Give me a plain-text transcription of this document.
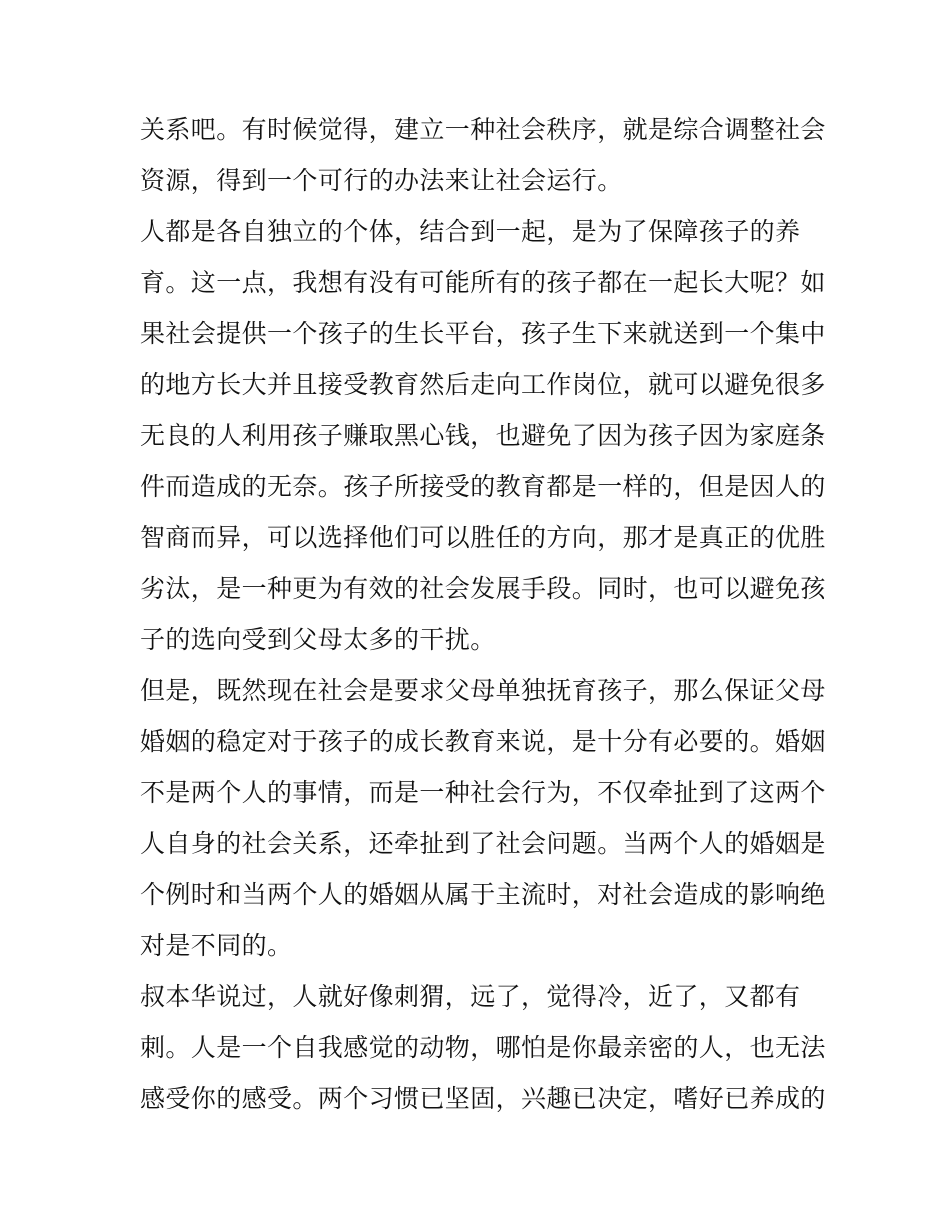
关系吧。有时候觉得，建立一种社会秩序，就是综合调整社会
资源，得到一个可行的办法来让社会运行。
人都是各自独立的个体，结合到一起，是为了保障孩子的养
育。这一点，我想有没有可能所有的孩子都在一起长大呢？如
果社会提供一个孩子的生长平台，孩子生下来就送到一个集中
的地方长大并且接受教育然后走向工作岗位，就可以避免很多
无良的人利用孩子赚取黑心钱，也避免了因为孩子因为家庭条
件而造成的无奈。孩子所接受的教育都是一样的，但是因人的
智商而异，可以选择他们可以胜任的方向，那才是真正的优胜
劣汰，是一种更为有效的社会发展手段。同时，也可以避免孩
子的选向受到父母太多的干扰。
但是，既然现在社会是要求父母单独抚育孩子，那么保证父母
婚姻的稳定对于孩子的成长教育来说，是十分有必要的。婚姻
不是两个人的事情，而是一种社会行为，不仅牵扯到了这两个
人自身的社会关系，还牵扯到了社会问题。当两个人的婚姻是
个例时和当两个人的婚姻从属于主流时，对社会造成的影响绝
对是不同的。
叔本华说过，人就好像刺猬，远了，觉得冷，近了，又都有
刺。人是一个自我感觉的动物，哪怕是你最亲密的人，也无法
感受你的感受。两个习惯已坚固，兴趣已决定，嗜好已养成的
